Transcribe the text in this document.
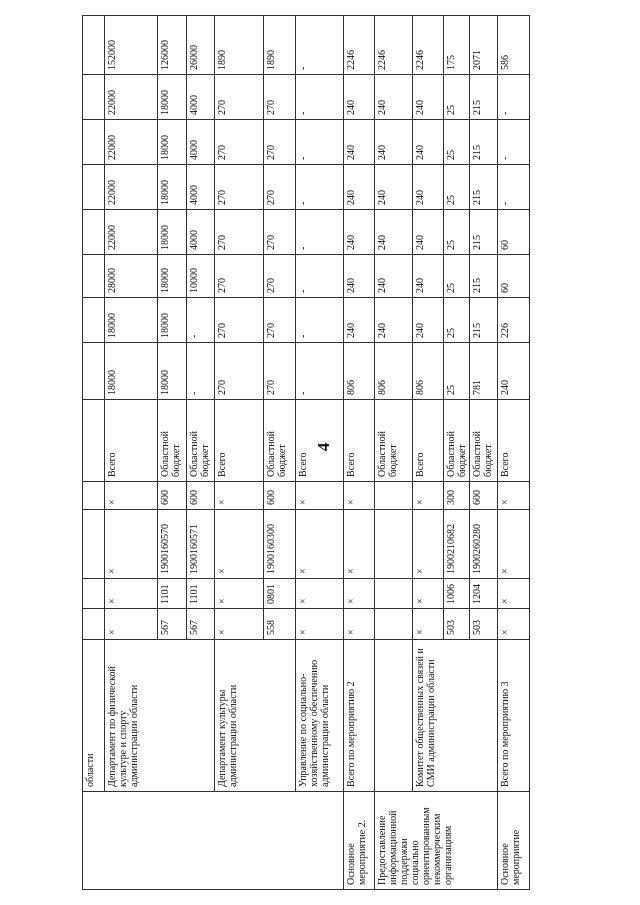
4
Основное мероприятие 2. Предоставление информационной поддержки социально ориентированным некоммерческим организациям	Основное мероприятие
области	Департамент по физической культуре и спорту администрации области
×
×
×
×
Всего
18000
18000
28000
22000
22000
22000
22000
152000
567
1101
1900160570
600
Областной бюджет
18000
18000
18000
18000
18000
18000
18000
126000
567
1101
1900160571
600
Областной бюджет
-
-
10000
4000
4000
4000
4000
26000
Департамент культуры администрации области
×
×
×
×
Всего
270
270
270
270
270
270
270
1890
558
0801
1900160300
600
Областной бюджет
270
270
270
270
270
270
270
1890
Управление по социально-хозяйственному обеспечению администрации области
×
×
×
×
Всего
-
-
-
-
-
-
-
-
Всего по мероприятию 2
×
×
×
×
Всего
806
240
240
240
240
240
240
2246
Областной бюджет
806
240
240
240
240
240
240
2246
Комитет общественных связей и СМИ администрации области
×
×
×
×
Всего
806
240
240
240
240
240
240
2246
503
1006
1900210682
300
Областной бюджет
25
25
25
25
25
25
25
175
503
1204
1900260280
600
Областной бюджет
781
215
215
215
215
215
215
2071
Всего по мероприятию 3
×
×
×
×
Всего
240
226
60
60
-
-
-
586
